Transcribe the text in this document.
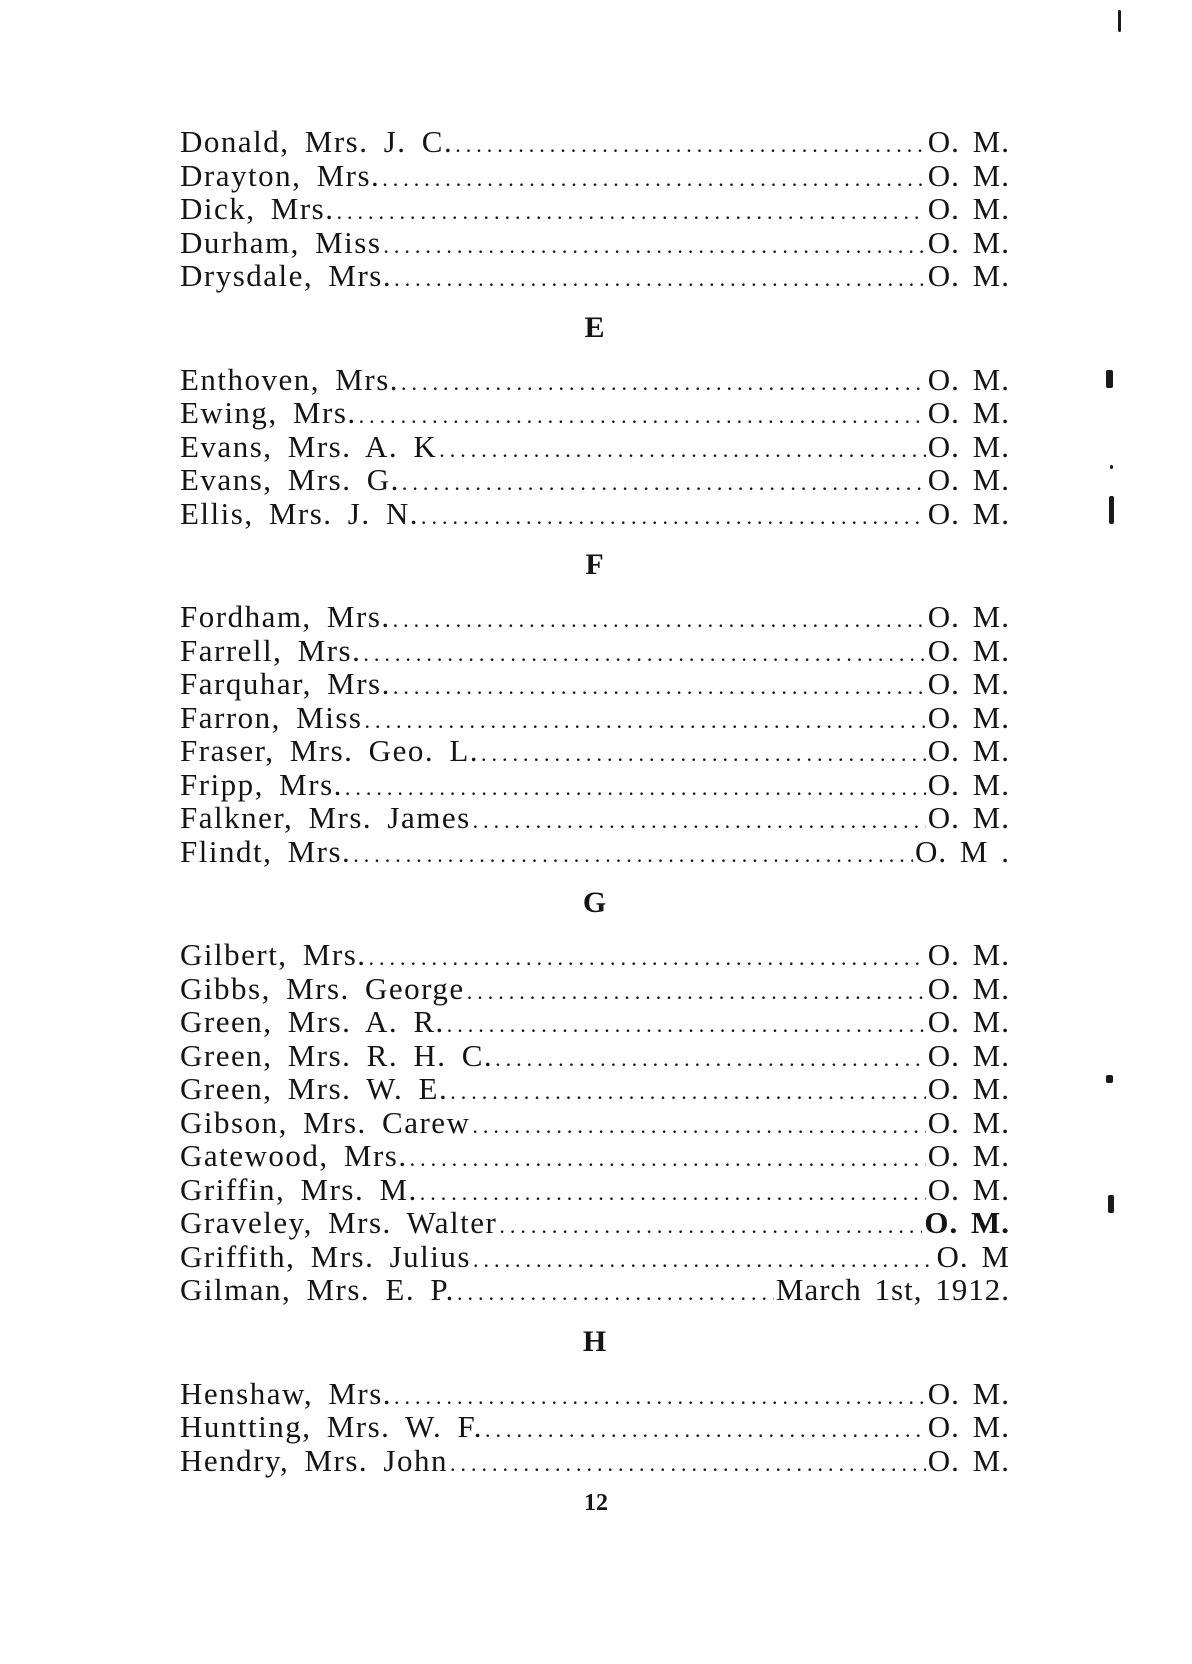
Donald, Mrs. J. C. .....	O. M.
Drayton, Mrs. .....	O. M.
Dick, Mrs. .....	O. M.
Durham, Miss .....	O. M.
Drysdale, Mrs. .....	O. M.
E
Enthoven, Mrs. .....	O. M.
Ewing, Mrs. .....	O. M.
Evans, Mrs. A. K .....	O. M.
Evans, Mrs. G. .....	O. M.
Ellis, Mrs. J. N. .....	O. M.
F
Fordham, Mrs. .....	O. M.
Farrell, Mrs. .....	O. M.
Farquhar, Mrs. .....	O. M.
Farron, Miss .....	O. M.
Fraser, Mrs. Geo. L. .....	O. M.
Fripp, Mrs. .....	O. M.
Falkner, Mrs. James .....	O. M.
Flindt, Mrs. .....	O. M .
G
Gilbert, Mrs. .....	O. M.
Gibbs, Mrs. George .....	O. M.
Green, Mrs. A. R. .....	O. M.
Green, Mrs. R. H. C. .....	O. M.
Green, Mrs. W. E. .....	O. M.
Gibson, Mrs. Carew .....	O. M.
Gatewood, Mrs. .....	O. M.
Griffin, Mrs. M. .....	O. M.
Graveley, Mrs. Walter .....	O. M.
Griffith, Mrs. Julius .....	O. M
Gilman, Mrs. E. P. .....	March 1st, 1912.
H
Henshaw, Mrs. .....	O. M.
Huntting, Mrs. W. F. .....	O. M.
Hendry, Mrs. John .....	O. M.
12
